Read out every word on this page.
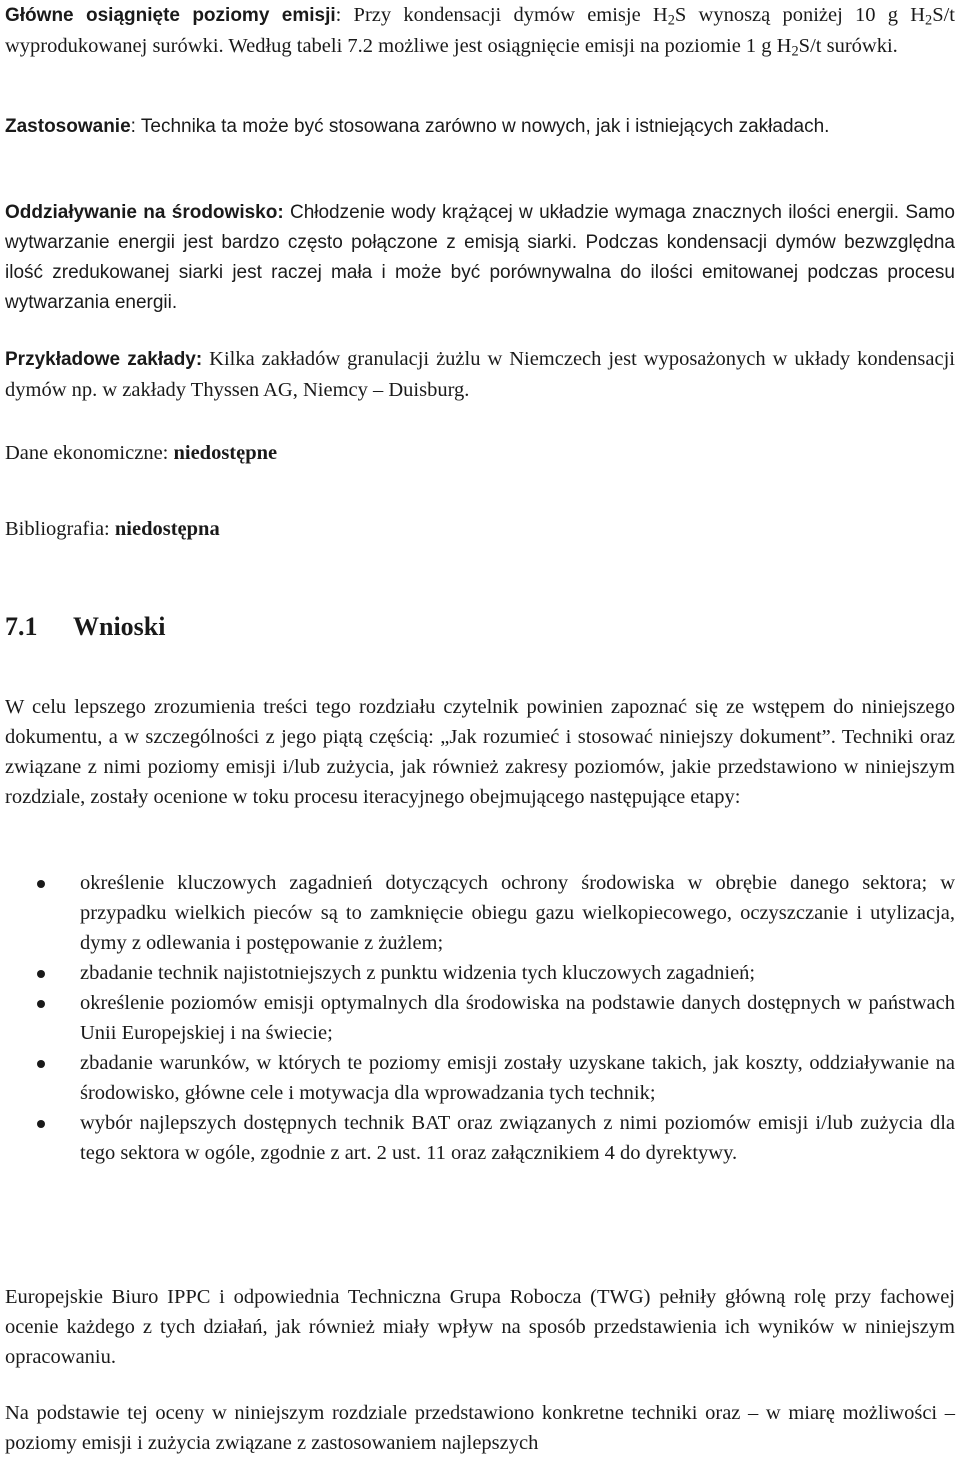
Główne osiągnięte poziomy emisji: Przy kondensacji dymów emisje $H_2S$ wynoszą poniżej 10 g $H_2S/t$ wyprodukowanej surówki. Według tabeli 7.2 możliwe jest osiągnięcie emisji na poziomie 1 g $H_2S/t$ surówki.

Zastosowanie: Technika ta może być stosowana zarówno w nowych, jak i istniejących zakładach.

Oddziaływanie na środowisko: Chłodzenie wody krążącej w układzie wymaga znacznych ilości energii. Samo wytwarzanie energii jest bardzo często połączone z emisją siarki. Podczas kondensacji dymów bezwzględna ilość zredukowanej siarki jest raczej mała i może być porównywalna do ilości emitowanej podczas procesu wytwarzania energii.

Przykładowe zakłady: Kilka zakładów granulacji żużlu w Niemczech jest wyposażonych w układy kondensacji dymów np. w zakłady Thyssen AG, Niemcy – Duisburg.

Dane ekonomiczne: niedostępne

Bibliografia: niedostępna

7.1 Wnioski

W celu lepszego zrozumienia treści tego rozdziału czytelnik powinien zapoznać się ze wstępem do niniejszego dokumentu, a w szczególności z jego piątą częścią: „Jak rozumieć i stosować niniejszy dokument”. Techniki oraz związane z nimi poziomy emisji i/lub zużycia, jak również zakresy poziomów, jakie przedstawiono w niniejszym rozdziale, zostały ocenione w toku procesu iteracyjnego obejmującego następujące etapy:

określenie kluczowych zagadnień dotyczących ochrony środowiska w obrębie danego sektora; w przypadku wielkich pieców są to zamknięcie obiegu gazu wielkopiecowego, oczyszczanie i utylizacja, dymy z odlewania i postępowanie z żużlem;
zbadanie technik najistotniejszych z punktu widzenia tych kluczowych zagadnień;
określenie poziomów emisji optymalnych dla środowiska na podstawie danych dostępnych w państwach Unii Europejskiej i na świecie;
zbadanie warunków, w których te poziomy emisji zostały uzyskane takich, jak koszty, oddziaływanie na środowisko, główne cele i motywacja dla wprowadzania tych technik;
wybór najlepszych dostępnych technik BAT oraz związanych z nimi poziomów emisji i/lub zużycia dla tego sektora w ogóle, zgodnie z art. 2 ust. 11 oraz załącznikiem 4 do dyrektywy.

Europejskie Biuro IPPC i odpowiednia Techniczna Grupa Robocza (TWG) pełniły główną rolę przy fachowej ocenie każdego z tych działań, jak również miały wpływ na sposób przedstawienia ich wyników w niniejszym opracowaniu.

Na podstawie tej oceny w niniejszym rozdziale przedstawiono konkretne techniki oraz – w miarę możliwości – poziomy emisji i zużycia związane z zastosowaniem najlepszych
